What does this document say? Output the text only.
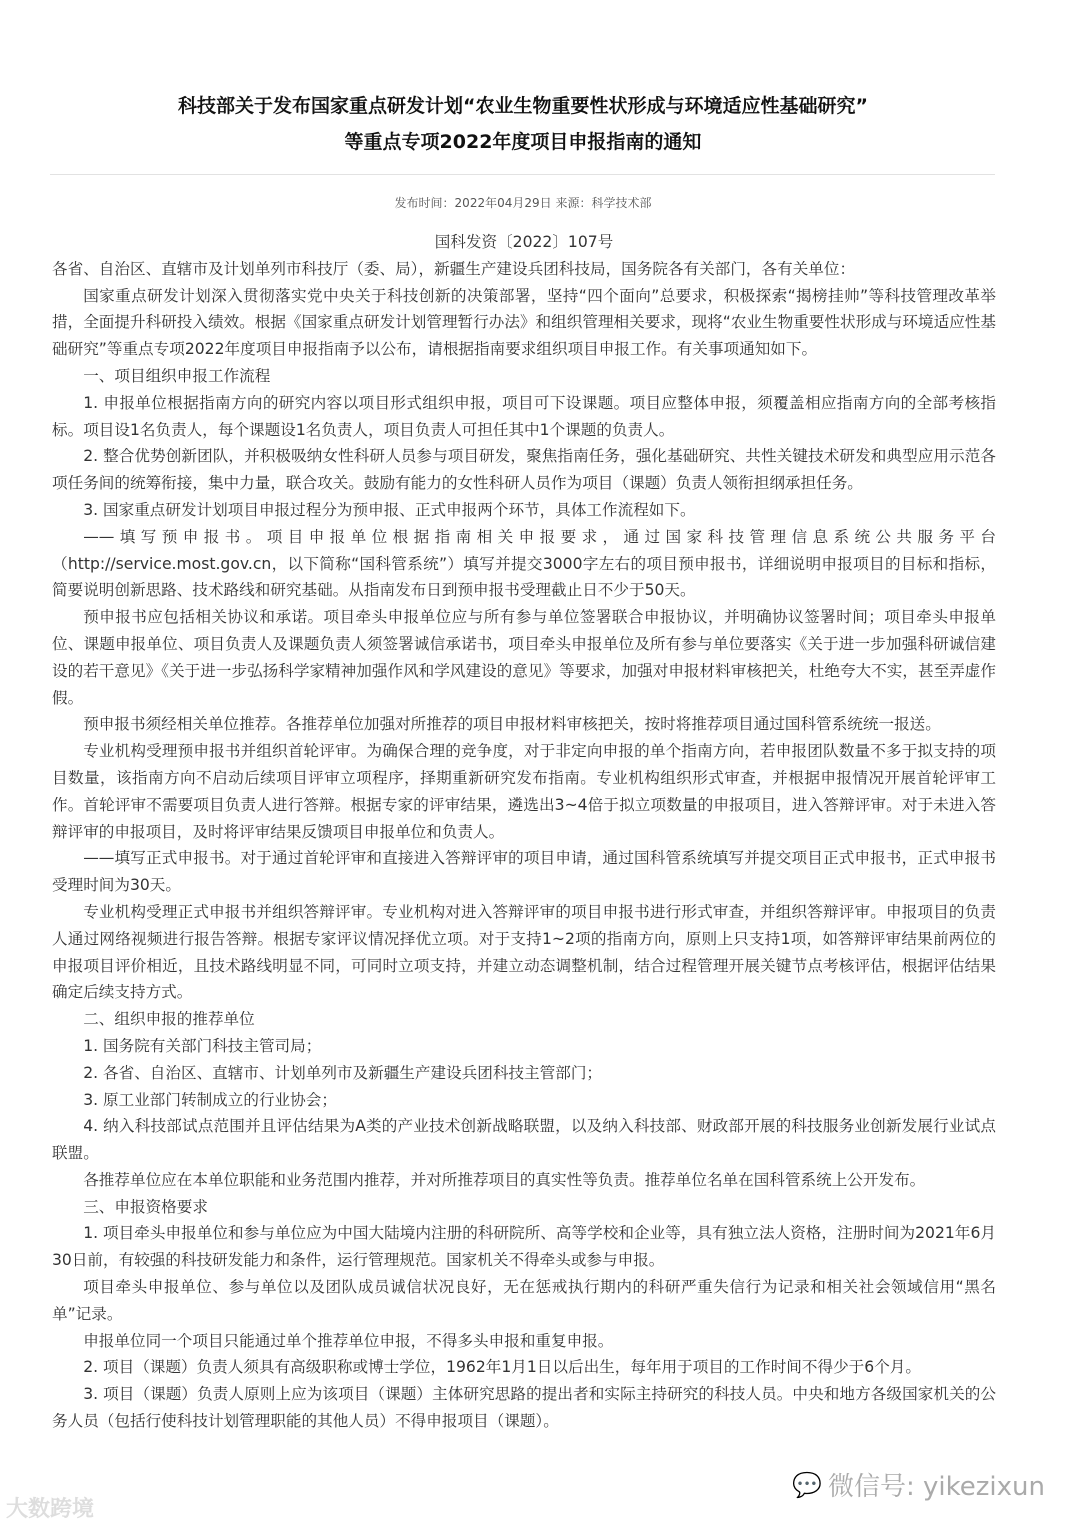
科技部关于发布国家重点研发计划“农业生物重要性状形成与环境适应性基础研究”
等重点专项2022年度项目申报指南的通知
发布时间：2022年04月29日 来源：科学技术部

国科发资〔2022〕107号

各省、自治区、直辖市及计划单列市科技厅（委、局），新疆生产建设兵团科技局，国务院各有关部门，各有关单位：

国家重点研发计划深入贯彻落实党中央关于科技创新的决策部署，坚持“四个面向”总要求，积极探索“揭榜挂帅”等科技管理改革举措，全面提升科研投入绩效。根据《国家重点研发计划管理暂行办法》和组织管理相关要求，现将“农业生物重要性状形成与环境适应性基础研究”等重点专项2022年度项目申报指南予以公布，请根据指南要求组织项目申报工作。有关事项通知如下。

一、项目组织申报工作流程

1. 申报单位根据指南方向的研究内容以项目形式组织申报，项目可下设课题。项目应整体申报，须覆盖相应指南方向的全部考核指标。项目设1名负责人，每个课题设1名负责人，项目负责人可担任其中1个课题的负责人。

2. 整合优势创新团队，并积极吸纳女性科研人员参与项目研发，聚焦指南任务，强化基础研究、共性关键技术研发和典型应用示范各项任务间的统筹衔接，集中力量，联合攻关。鼓励有能力的女性科研人员作为项目（课题）负责人领衔担纲承担任务。

3. 国家重点研发计划项目申报过程分为预申报、正式申报两个环节，具体工作流程如下。

——填写预申报书。项目申报单位根据指南相关申报要求，通过国家科技管理信息系统公共服务平台（http://service.most.gov.cn，以下简称“国科管系统”）填写并提交3000字左右的项目预申报书，详细说明申报项目的目标和指标，简要说明创新思路、技术路线和研究基础。从指南发布日到预申报书受理截止日不少于50天。

预申报书应包括相关协议和承诺。项目牵头申报单位应与所有参与单位签署联合申报协议，并明确协议签署时间；项目牵头申报单位、课题申报单位、项目负责人及课题负责人须签署诚信承诺书，项目牵头申报单位及所有参与单位要落实《关于进一步加强科研诚信建设的若干意见》《关于进一步弘扬科学家精神加强作风和学风建设的意见》等要求，加强对申报材料审核把关，杜绝夸大不实，甚至弄虚作假。

预申报书须经相关单位推荐。各推荐单位加强对所推荐的项目申报材料审核把关，按时将推荐项目通过国科管系统统一报送。

专业机构受理预申报书并组织首轮评审。为确保合理的竞争度，对于非定向申报的单个指南方向，若申报团队数量不多于拟支持的项目数量，该指南方向不启动后续项目评审立项程序，择期重新研究发布指南。专业机构组织形式审查，并根据申报情况开展首轮评审工作。首轮评审不需要项目负责人进行答辩。根据专家的评审结果，遴选出3~4倍于拟立项数量的申报项目，进入答辩评审。对于未进入答辩评审的申报项目，及时将评审结果反馈项目申报单位和负责人。

——填写正式申报书。对于通过首轮评审和直接进入答辩评审的项目申请，通过国科管系统填写并提交项目正式申报书，正式申报书受理时间为30天。

专业机构受理正式申报书并组织答辩评审。专业机构对进入答辩评审的项目申报书进行形式审查，并组织答辩评审。申报项目的负责人通过网络视频进行报告答辩。根据专家评议情况择优立项。对于支持1~2项的指南方向，原则上只支持1项，如答辩评审结果前两位的申报项目评价相近，且技术路线明显不同，可同时立项支持，并建立动态调整机制，结合过程管理开展关键节点考核评估，根据评估结果确定后续支持方式。

二、组织申报的推荐单位

1. 国务院有关部门科技主管司局；

2. 各省、自治区、直辖市、计划单列市及新疆生产建设兵团科技主管部门；

3. 原工业部门转制成立的行业协会；

4. 纳入科技部试点范围并且评估结果为A类的产业技术创新战略联盟，以及纳入科技部、财政部开展的科技服务业创新发展行业试点联盟。

各推荐单位应在本单位职能和业务范围内推荐，并对所推荐项目的真实性等负责。推荐单位名单在国科管系统上公开发布。

三、申报资格要求

1. 项目牵头申报单位和参与单位应为中国大陆境内注册的科研院所、高等学校和企业等，具有独立法人资格，注册时间为2021年6月30日前，有较强的科技研发能力和条件，运行管理规范。国家机关不得牵头或参与申报。

项目牵头申报单位、参与单位以及团队成员诚信状况良好，无在惩戒执行期内的科研严重失信行为记录和相关社会领域信用“黑名单”记录。

申报单位同一个项目只能通过单个推荐单位申报，不得多头申报和重复申报。

2. 项目（课题）负责人须具有高级职称或博士学位，1962年1月1日以后出生，每年用于项目的工作时间不得少于6个月。

3. 项目（课题）负责人原则上应为该项目（课题）主体研究思路的提出者和实际主持研究的科技人员。中央和地方各级国家机关的公务人员（包括行使科技计划管理职能的其他人员）不得申报项目（课题）。

💬 微信号: yikezixun
大数跨境
